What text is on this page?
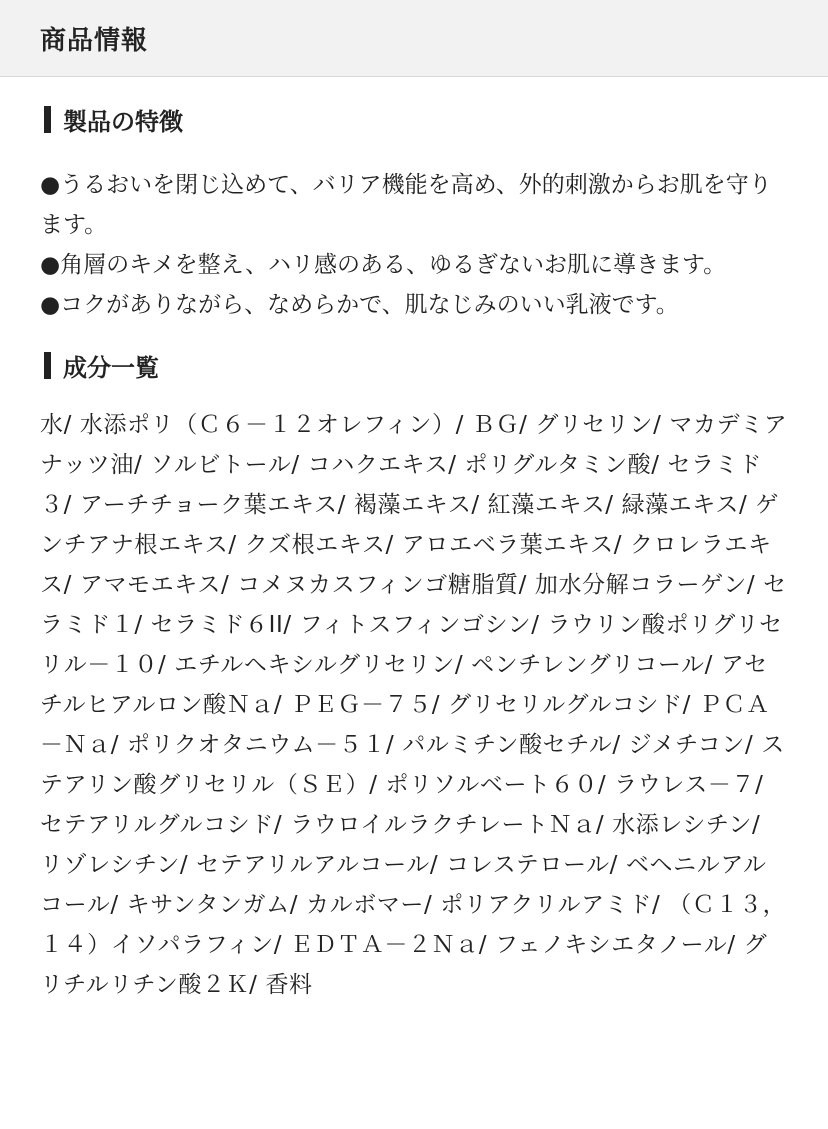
商品情報
製品の特徴

●うるおいを閉じ込めて、バリア機能を高め、外的刺激からお肌を守ります。

●角層のキメを整え、ハリ感のある、ゆるぎないお肌に導きます。

●コクがありながら、なめらかで、肌なじみのいい乳液です。

成分一覧
水/ 水添ポリ（Ｃ６－１２オレフィン）/ ＢＧ/ グリセリン/ マカデミアナッツ油/ ソルビトール/ コハクエキス/ ポリグルタミン酸/ セラミド３/ アーチチョーク葉エキス/ 褐藻エキス/ 紅藻エキス/ 緑藻エキス/ ゲンチアナ根エキス/ クズ根エキス/ アロエベラ葉エキス/ クロレラエキス/ アマモエキス/ コメヌカスフィンゴ糖脂質/ 加水分解コラーゲン/ セラミド１/ セラミド６II/ フィトスフィンゴシン/ ラウリン酸ポリグリセリル－１０/ エチルヘキシルグリセリン/ ペンチレングリコール/ アセチルヒアルロン酸Ｎａ/ ＰＥＧ－７５/ グリセリルグルコシド/ ＰＣＡ－Ｎａ/ ポリクオタニウム－５１/ パルミチン酸セチル/ ジメチコン/ ステアリン酸グリセリル（ＳＥ）/ ポリソルベート６０/ ラウレス－７/ セテアリルグルコシド/ ラウロイルラクチレートＮａ/ 水添レシチン/ リゾレシチン/ セテアリルアルコール/ コレステロール/ ベヘニルアルコール/ キサンタンガム/ カルボマー/ ポリアクリルアミド/ （Ｃ１３，１４）イソパラフィン/ ＥＤＴＡ－２Ｎａ/ フェノキシエタノール/ グリチルリチン酸２Ｋ/ 香料
